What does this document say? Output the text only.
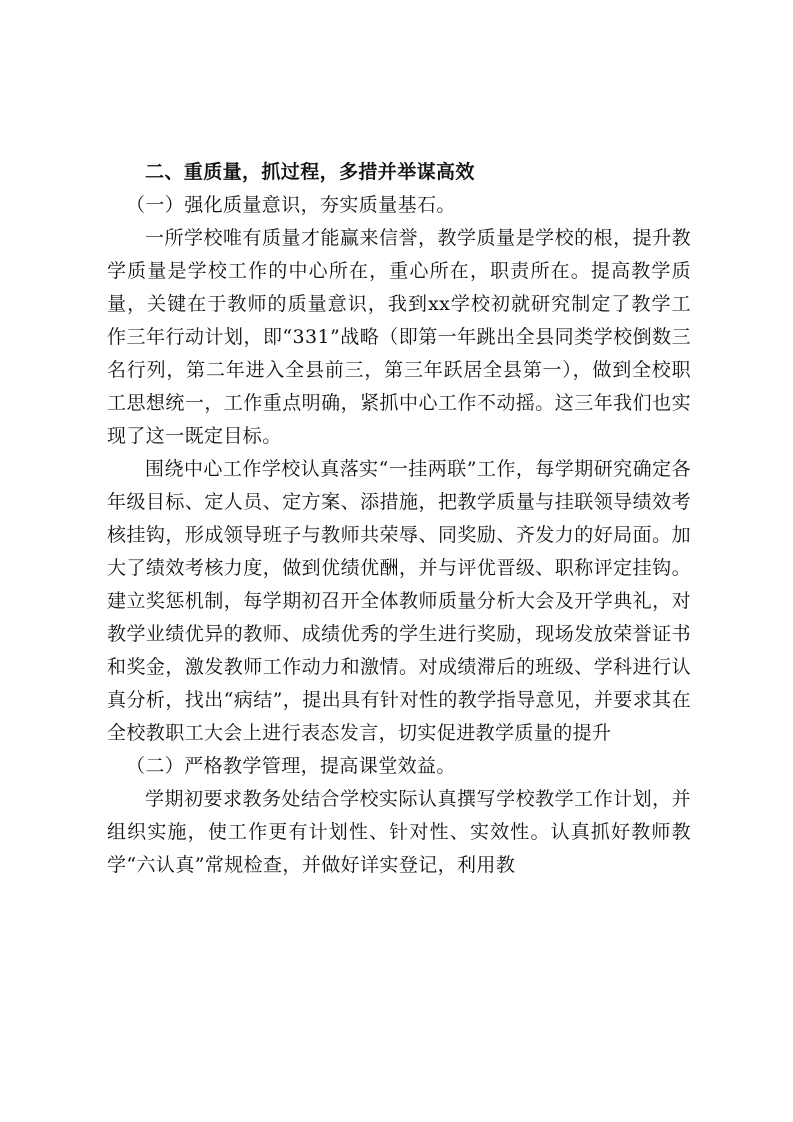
二、重质量，抓过程，多措并举谋高效

（一）强化质量意识，夯实质量基石。

一所学校唯有质量才能赢来信誉，教学质量是学校的根，提升教学质量是学校工作的中心所在，重心所在，职责所在。提高教学质量，关键在于教师的质量意识，我到xx学校初就研究制定了教学工作三年行动计划，即“331”战略（即第一年跳出全县同类学校倒数三名行列，第二年进入全县前三，第三年跃居全县第一），做到全校职工思想统一，工作重点明确，紧抓中心工作不动摇。这三年我们也实现了这一既定目标。

围绕中心工作学校认真落实“一挂两联”工作，每学期研究确定各年级目标、定人员、定方案、添措施，把教学质量与挂联领导绩效考核挂钩，形成领导班子与教师共荣辱、同奖励、齐发力的好局面。加大了绩效考核力度，做到优绩优酬，并与评优晋级、职称评定挂钩。建立奖惩机制，每学期初召开全体教师质量分析大会及开学典礼，对教学业绩优异的教师、成绩优秀的学生进行奖励，现场发放荣誉证书和奖金，激发教师工作动力和激情。对成绩滞后的班级、学科进行认真分析，找出“病结”，提出具有针对性的教学指导意见，并要求其在全校教职工大会上进行表态发言，切实促进教学质量的提升

（二）严格教学管理，提高课堂效益。

学期初要求教务处结合学校实际认真撰写学校教学工作计划，并组织实施，使工作更有计划性、针对性、实效性。认真抓好教师教学“六认真”常规检查，并做好详实登记，利用教
